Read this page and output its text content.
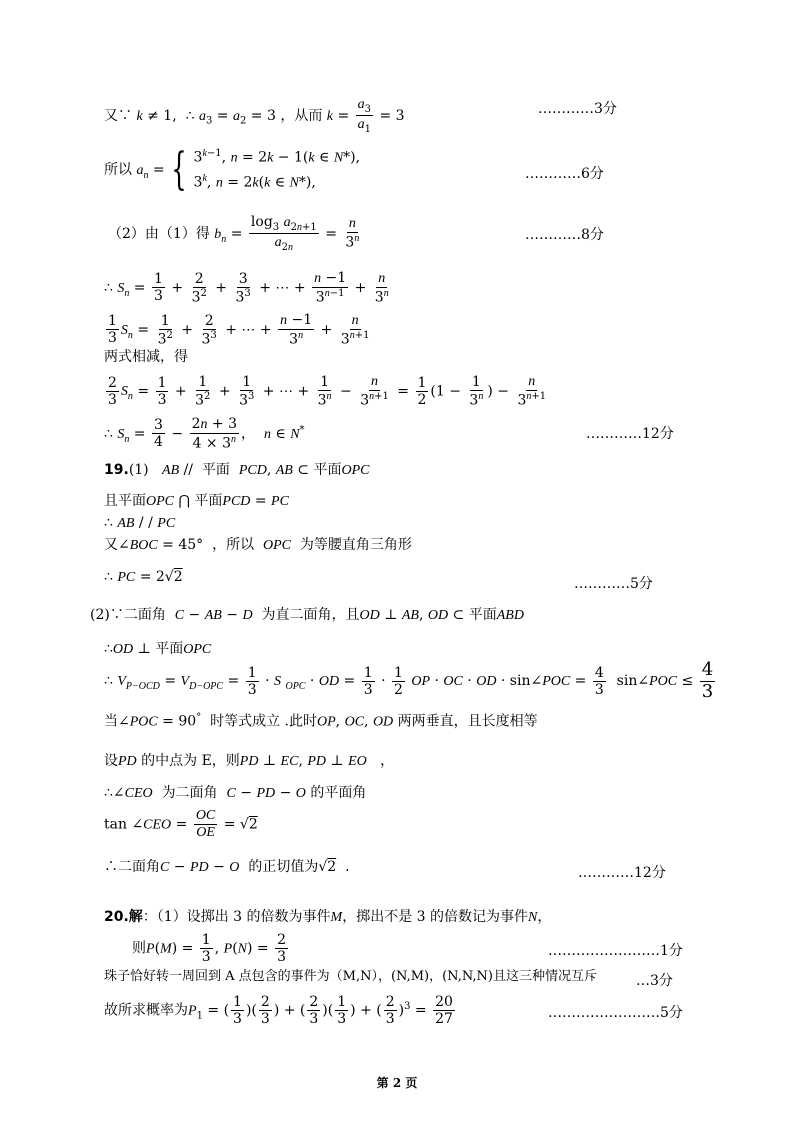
又∵ k ≠ 1,  ∴ $a_3 = a_2 = 3$ ，从而 $k = \frac{a_3}{a_1} = 3$	…………3分
所以 $a_n$ = { $3^{k-1}$, n = 2k − 1(k ∈ N*),
3$^k$, n = 2k(k ∈ N*),
…………6分
（2）由（1）得 $b_n = \frac{\log_3 a_{2n+1}}{a_{2n}} = \frac{n}{3^n}$	…………8分
∴ $S_n = \frac{1}{3} + \frac{2}{3^2} + \frac{3}{3^3}$ + ⋯ + $\frac{n -1}{3^{n-1}} + \frac{n}{3^n}$
$\frac{1}{3} S_n = \frac{1}{3^2} + \frac{2}{3^3}$ + ⋯ + $\frac{n -1}{3^n} + \frac{n}{3^{n+1}}$
两式相减，得
$\frac{2}{3} S_n = \frac{1}{3} + \frac{1}{3^2} + \frac{1}{3^3}$ + ⋯ + $\frac{1}{3^n} - \frac{n}{3^{n+1}} = \frac{1}{2} (1 - \frac{1}{3^n}$ ) − $\frac{n}{3^{n+1}}$
∴ $S_n = \frac{3}{4} - \frac{2n + 3}{4 \times 3^n}$ ，  n ∈ N*	…………12分
19.(1) AB //  平面 PCD, AB ⊂ 平面OPC
且平面OPC ⋂ 平面PCD = PC
∴ AB / / PC
又∠BOC = 45°  ，所以 OPC 为等腰直角三角形
∴ PC = 2√2	…………5分
(2)∵二面角 C − AB − D 为直二面角，且OD ⊥ AB, OD ⊂ 平面ABD
∴OD ⊥ 平面OPC
∴ $V_{P-OCD} = V_{D-OPC} = \frac{1}{3} \cdot S$ $_{OPC}$ · OD = $\frac{1}{3} \cdot \frac{1}{2}$ OP · OC · OD · sin∠POC = $\frac{4}{3}$ sin∠POC ≤ $\frac{4}{3}$
当∠POC = 90° 时等式成立 .此时OP, OC, OD 两两垂直，且长度相等
设PD 的中点为 E，则PD ⊥ EC, PD ⊥ EO   ，
∴∠CEO 为二面角 C − PD − O 的平面角
tan ∠CEO = $\frac{OC}{OE} = √2$
∴二面角C − PD − O 的正切值为√2  .	…………12分
20.解：（1）设掷出 3 的倍数为事件M，掷出不是 3 的倍数记为事件N，
则$P(M) = \frac{1}{3}$ , $P(N) = \frac{2}{3}$	……………………1分
珠子恰好转一周回到 A 点包含的事件为（M,N），(N,M)，(N,N,N)且这三种情况互斥	…3分
故所求概率为$P_1$ = ( $\frac{1}{3}$ )( $\frac{2}{3}$ ) + ( $\frac{2}{3}$ )( $\frac{1}{3}$ ) + ( $\frac{2}{3} )^3 = \frac{20}{27}$	……………………5分
第 2 页
